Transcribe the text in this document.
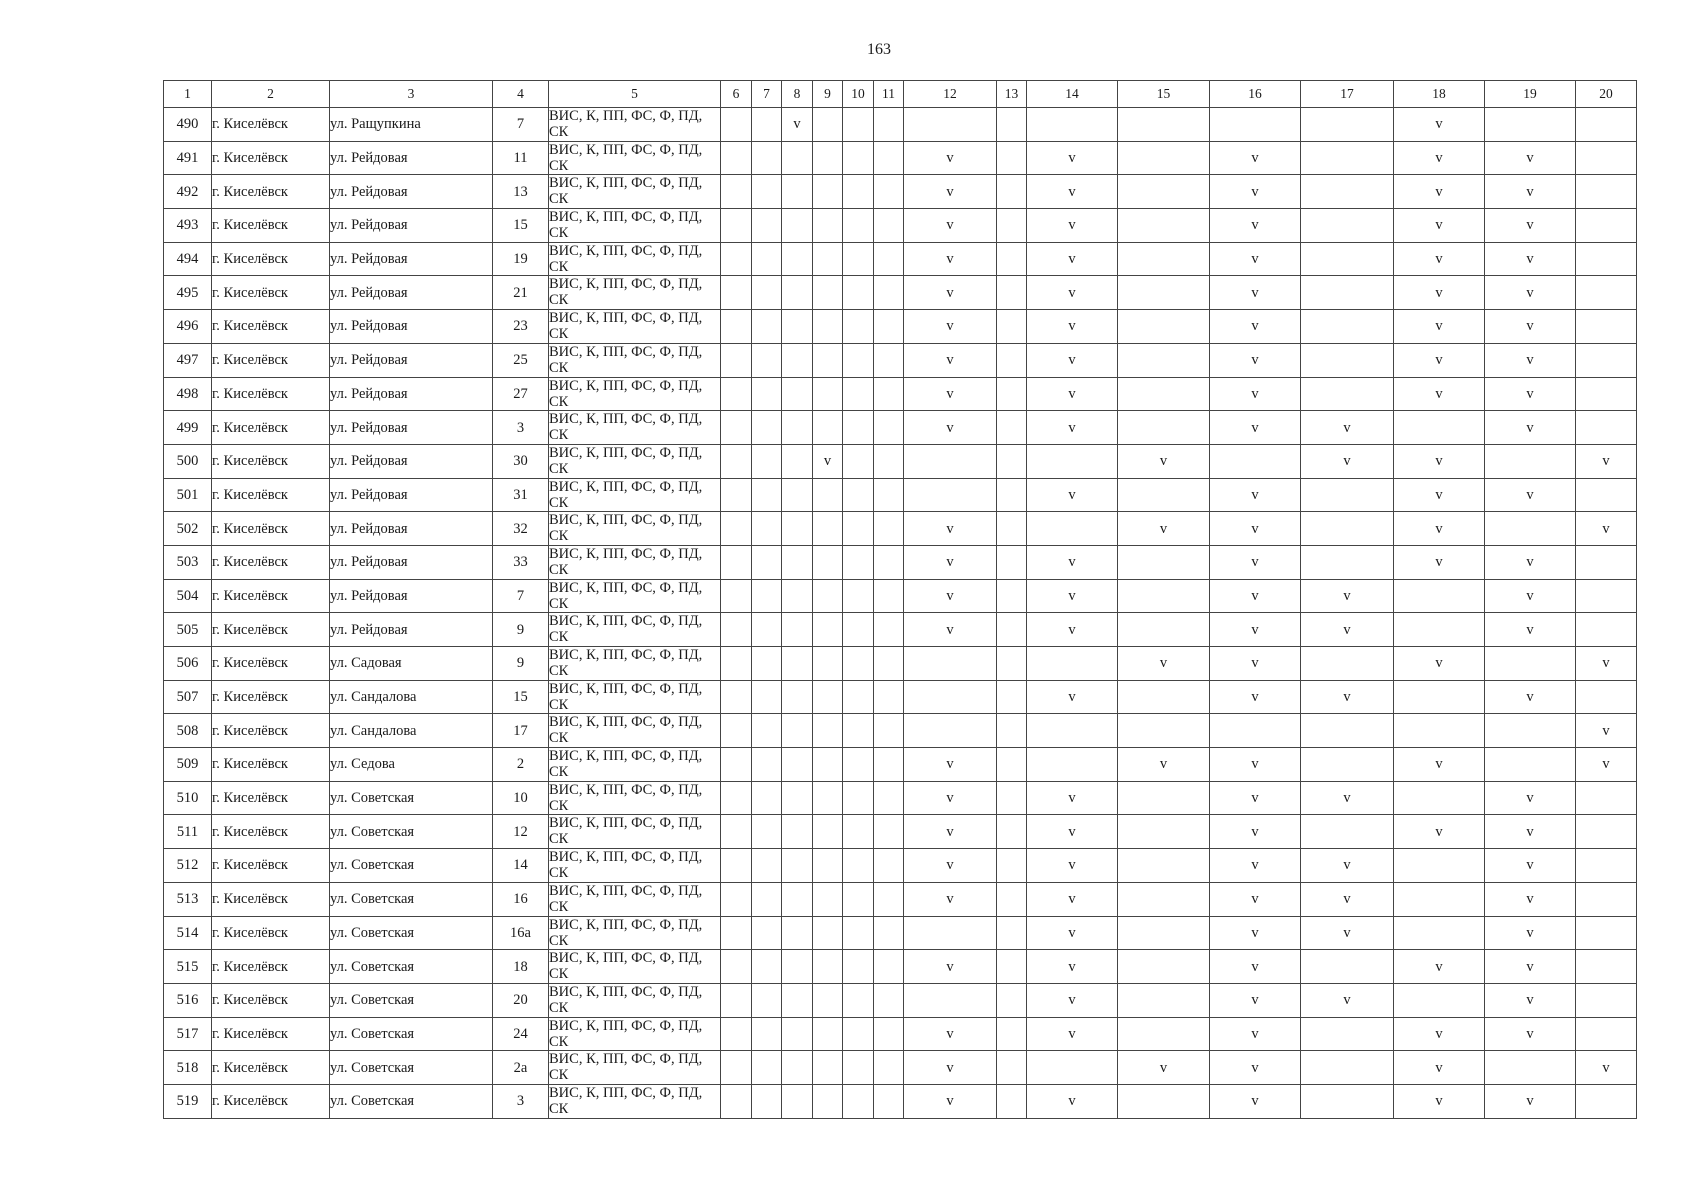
163
1	2	3	4	5	6	7	8	9	10	11	12	13	14	15	16	17	18	19	20
490	г. Киселёвск	ул. Ращупкина	7	ВИС, К, ПП, ФС, Ф, ПД, СК			v										v		
491	г. Киселёвск	ул. Рейдовая	11	ВИС, К, ПП, ФС, Ф, ПД, СК							v		v		v		v	v	
492	г. Киселёвск	ул. Рейдовая	13	ВИС, К, ПП, ФС, Ф, ПД, СК							v		v		v		v	v	
493	г. Киселёвск	ул. Рейдовая	15	ВИС, К, ПП, ФС, Ф, ПД, СК							v		v		v		v	v	
494	г. Киселёвск	ул. Рейдовая	19	ВИС, К, ПП, ФС, Ф, ПД, СК							v		v		v		v	v	
495	г. Киселёвск	ул. Рейдовая	21	ВИС, К, ПП, ФС, Ф, ПД, СК							v		v		v		v	v	
496	г. Киселёвск	ул. Рейдовая	23	ВИС, К, ПП, ФС, Ф, ПД, СК							v		v		v		v	v	
497	г. Киселёвск	ул. Рейдовая	25	ВИС, К, ПП, ФС, Ф, ПД, СК							v		v		v		v	v	
498	г. Киселёвск	ул. Рейдовая	27	ВИС, К, ПП, ФС, Ф, ПД, СК							v		v		v		v	v	
499	г. Киселёвск	ул. Рейдовая	3	ВИС, К, ПП, ФС, Ф, ПД, СК							v		v		v	v		v	
500	г. Киселёвск	ул. Рейдовая	30	ВИС, К, ПП, ФС, Ф, ПД, СК				v						v		v	v		v
501	г. Киселёвск	ул. Рейдовая	31	ВИС, К, ПП, ФС, Ф, ПД, СК									v		v		v	v	
502	г. Киселёвск	ул. Рейдовая	32	ВИС, К, ПП, ФС, Ф, ПД, СК							v			v	v		v		v
503	г. Киселёвск	ул. Рейдовая	33	ВИС, К, ПП, ФС, Ф, ПД, СК							v		v		v		v	v	
504	г. Киселёвск	ул. Рейдовая	7	ВИС, К, ПП, ФС, Ф, ПД, СК							v		v		v	v		v	
505	г. Киселёвск	ул. Рейдовая	9	ВИС, К, ПП, ФС, Ф, ПД, СК							v		v		v	v		v	
506	г. Киселёвск	ул. Садовая	9	ВИС, К, ПП, ФС, Ф, ПД, СК										v	v		v		v
507	г. Киселёвск	ул. Сандалова	15	ВИС, К, ПП, ФС, Ф, ПД, СК									v		v	v		v	
508	г. Киселёвск	ул. Сандалова	17	ВИС, К, ПП, ФС, Ф, ПД, СК															v
509	г. Киселёвск	ул. Седова	2	ВИС, К, ПП, ФС, Ф, ПД, СК							v			v	v		v		v
510	г. Киселёвск	ул. Советская	10	ВИС, К, ПП, ФС, Ф, ПД, СК							v		v		v	v		v	
511	г. Киселёвск	ул. Советская	12	ВИС, К, ПП, ФС, Ф, ПД, СК							v		v		v		v	v	
512	г. Киселёвск	ул. Советская	14	ВИС, К, ПП, ФС, Ф, ПД, СК							v		v		v	v		v	
513	г. Киселёвск	ул. Советская	16	ВИС, К, ПП, ФС, Ф, ПД, СК							v		v		v	v		v	
514	г. Киселёвск	ул. Советская	16а	ВИС, К, ПП, ФС, Ф, ПД, СК									v		v	v		v	
515	г. Киселёвск	ул. Советская	18	ВИС, К, ПП, ФС, Ф, ПД, СК							v		v		v		v	v	
516	г. Киселёвск	ул. Советская	20	ВИС, К, ПП, ФС, Ф, ПД, СК									v		v	v		v	
517	г. Киселёвск	ул. Советская	24	ВИС, К, ПП, ФС, Ф, ПД, СК							v		v		v		v	v	
518	г. Киселёвск	ул. Советская	2а	ВИС, К, ПП, ФС, Ф, ПД, СК							v			v	v		v		v
519	г. Киселёвск	ул. Советская	3	ВИС, К, ПП, ФС, Ф, ПД, СК							v		v		v		v	v	
